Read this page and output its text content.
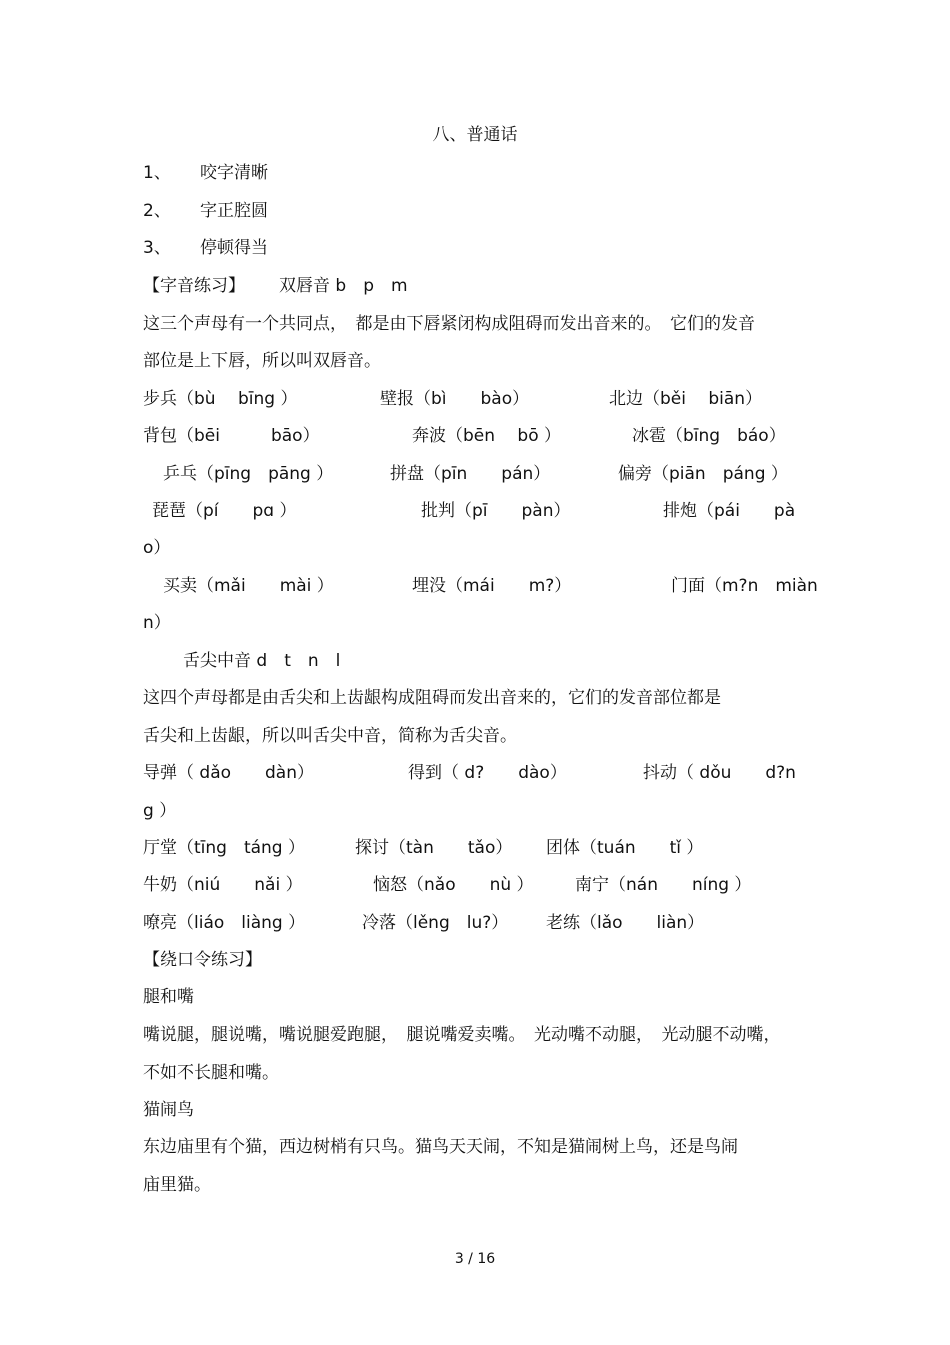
八、普通话
1、 咬字清晰
2、 字正腔圆
3、 停顿得当
【字音练习】 双唇音 b　p　m
这三个声母有一个共同点，　都是由下唇紧闭构成阻碍而发出音来的。　它们的发音
部位是上下唇，所以叫双唇音。
步兵（bù　 bīng ）	壁报（bì　　bào）	北边（běi　 biān）
背包（bēi　　　bāo）	奔波（bēn　 bō ）	冰雹（bīng　báo）
乒乓（pīng　pāng ）	拼盘（pīn　　pán）	偏旁（piān　páng ）
琵琶（pí　　pɑ ）	批判（pī　　pàn）	排炮（pái　　pà
o）
买卖（mǎi　　mài ）	埋没（mái　　m?）	门面（m?n　miàn
n）
舌尖中音 d　t　n　l
这四个声母都是由舌尖和上齿龈构成阻碍而发出音来的，它们的发音部位都是
舌尖和上齿龈，所以叫舌尖中音，简称为舌尖音。
导弹（ dǎo　　dàn）	得到（ d?　　dào）	抖动（ dǒu　　d?n
g ）
厅堂（tīng　táng ）	探讨（tàn　　tǎo） 团体（tuán　　tǐ ）
牛奶（niú　　nǎi ）	恼怒（nǎo　　nù ） 南宁（nán　　níng ）
嘹亮（liáo　liàng ）	冷落（lěng　lu?） 老练（lǎo　　liàn）
【绕口令练习】
腿和嘴
嘴说腿，腿说嘴，嘴说腿爱跑腿，　腿说嘴爱卖嘴。　光动嘴不动腿，　光动腿不动嘴，
不如不长腿和嘴。
猫闹鸟
东边庙里有个猫，西边树梢有只鸟。猫鸟天天闹，不知是猫闹树上鸟，还是鸟闹
庙里猫。
3 / 16
